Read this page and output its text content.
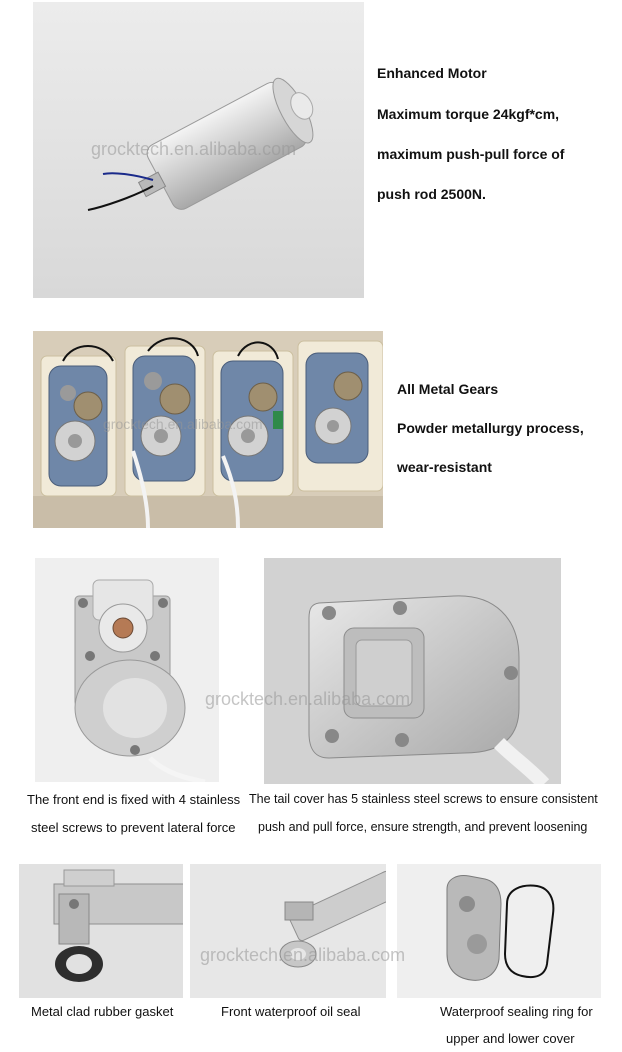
grocktech.en.alibaba.com
Enhanced Motor
Maximum torque 24kgf*cm,
maximum push-pull force of
push rod 2500N.
grocktech.en.alibaba.com
All Metal Gears
Powder metallurgy process,
wear-resistant
grocktech.en.alibaba.com
The front end is fixed with 4 stainless
steel screws to prevent lateral force
The tail cover has 5 stainless steel screws to ensure consistent
push and pull force, ensure strength, and prevent loosening
grocktech.en.alibaba.com
Metal clad rubber gasket	Front waterproof oil seal	Waterproof sealing ring for
upper and lower cover
